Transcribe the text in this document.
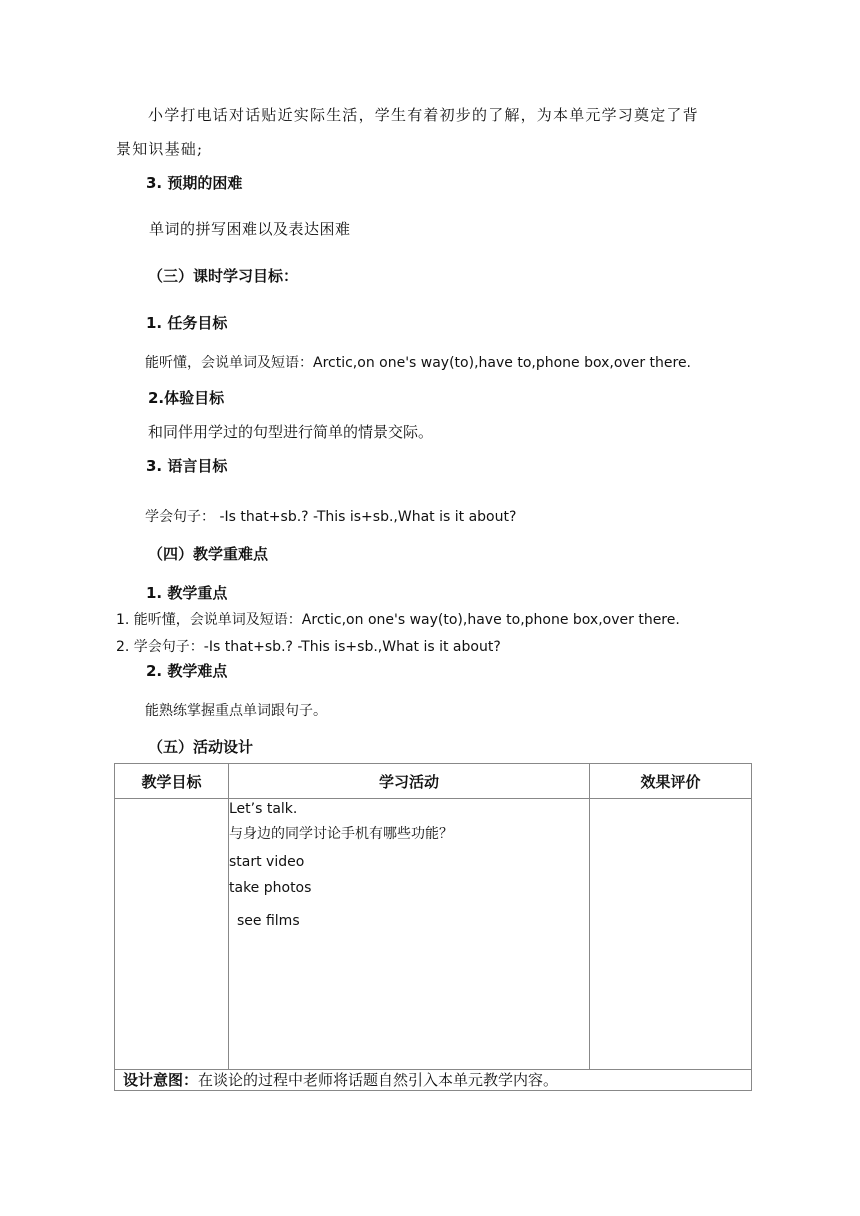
小学打电话对话贴近实际生活，学生有着初步的了解，为本单元学习奠定了背
景知识基础;
3. 预期的困难
单词的拼写困难以及表达困难
（三）课时学习目标：
1. 任务目标
能听懂，会说单词及短语：Arctic,on one's way(to),have to,phone box,over there.
2.体验目标
和同伴用学过的句型进行简单的情景交际。
3. 语言目标
学会句子： -Is that+sb.? -This is+sb.,What is it about?
（四）教学重难点
1. 教学重点
1. 能听懂，会说单词及短语：Arctic,on one's way(to),have to,phone box,over there.
2. 学会句子：-Is that+sb.? -This is+sb.,What is it about?
2. 教学难点
能熟练掌握重点单词跟句子。
（五）活动设计
教学目标	学习活动	效果评价

	Let’s talk.
与身边的同学讨论手机有哪些功能？
start video
take photos
see films	

设计意图：在谈论的过程中老师将话题自然引入本单元教学内容。		
